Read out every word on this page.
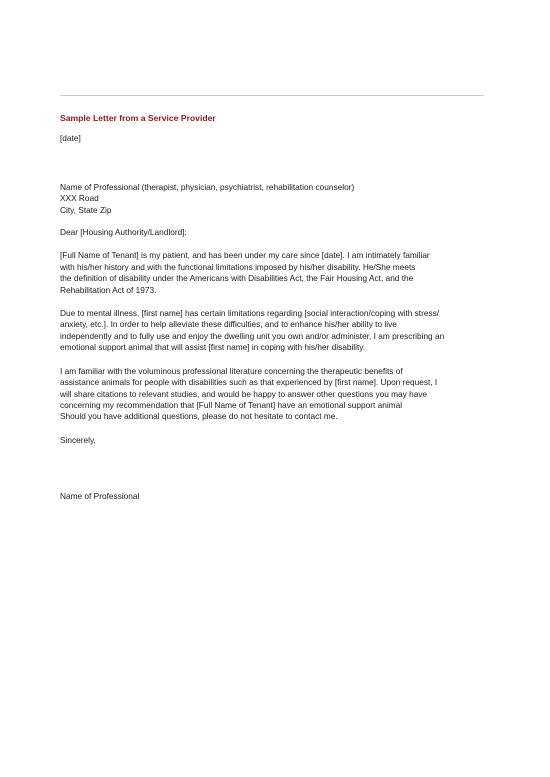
Sample Letter from a Service Provider

[date]

Name of Professional (therapist, physician, psychiatrist, rehabilitation counselor)

XXX Road

City, State Zip

Dear [Housing Authority/Landlord]:

[Full Name of Tenant] is my patient, and has been under my care since [date]. I am intimately familiar

with his/her history and with the functional limitations imposed by his/her disability. He/She meets

the definition of disability under the Americans with Disabilities Act, the Fair Housing Act, and the

Rehabilitation Act of 1973.

Due to mental illness, [first name] has certain limitations regarding [social interaction/coping with stress/

anxiety, etc.]. In order to help alleviate these difficulties, and to enhance his/her ability to live

independently and to fully use and enjoy the dwelling unit you own and/or administer, I am prescribing an

emotional support animal that will assist [first name] in coping with his/her disability.

I am familiar with the voluminous professional literature concerning the therapeutic benefits of

assistance animals for people with disabilities such as that experienced by [first name]. Upon request, I

will share citations to relevant studies, and would be happy to answer other questions you may have

concerning my recommendation that [Full Name of Tenant] have an emotional support animal

Should you have additional questions, please do not hesitate to contact me.

Sincerely,

Name of Professional
